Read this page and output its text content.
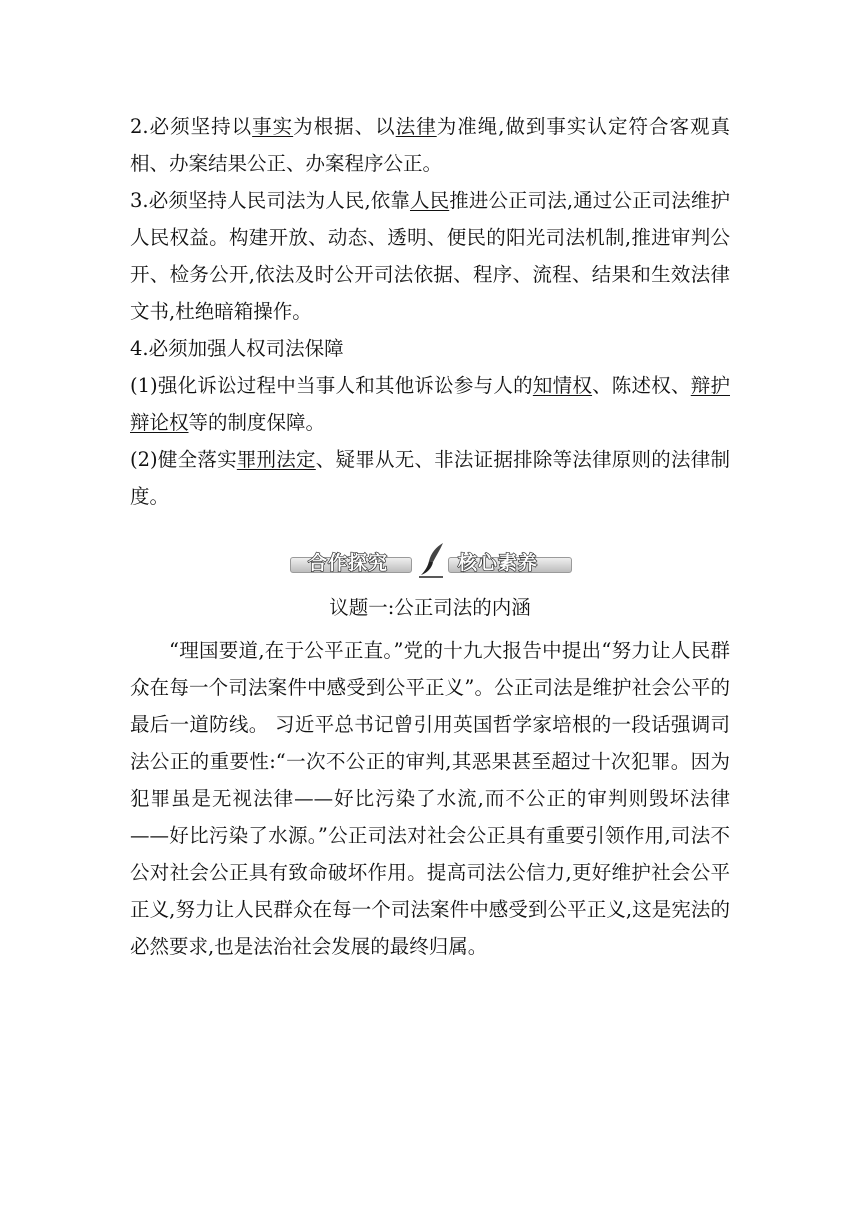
2.必须坚持以事实为根据、以法律为准绳,做到事实认定符合客观真相、办案结果公正、办案程序公正。

3.必须坚持人民司法为人民,依靠人民推进公正司法,通过公正司法维护人民权益。构建开放、动态、透明、便民的阳光司法机制,推进审判公开、检务公开,依法及时公开司法依据、程序、流程、结果和生效法律文书,杜绝暗箱操作。

4.必须加强人权司法保障

(1)强化诉讼过程中当事人和其他诉讼参与人的知情权、陈述权、辩护辩论权等的制度保障。

(2)健全落实罪刑法定、疑罪从无、非法证据排除等法律原则的法律制度。

合作探究	核心素养

议题一:公正司法的内涵

“理国要道,在于公平正直。”党的十九大报告中提出“努力让人民群众在每一个司法案件中感受到公平正义”。公正司法是维护社会公平的最后一道防线。 习近平总书记曾引用英国哲学家培根的一段话强调司法公正的重要性:“一次不公正的审判,其恶果甚至超过十次犯罪。因为犯罪虽是无视法律——好比污染了水流,而不公正的审判则毁坏法律——好比污染了水源。”公正司法对社会公正具有重要引领作用,司法不公对社会公正具有致命破坏作用。提高司法公信力,更好维护社会公平正义,努力让人民群众在每一个司法案件中感受到公平正义,这是宪法的必然要求,也是法治社会发展的最终归属。
